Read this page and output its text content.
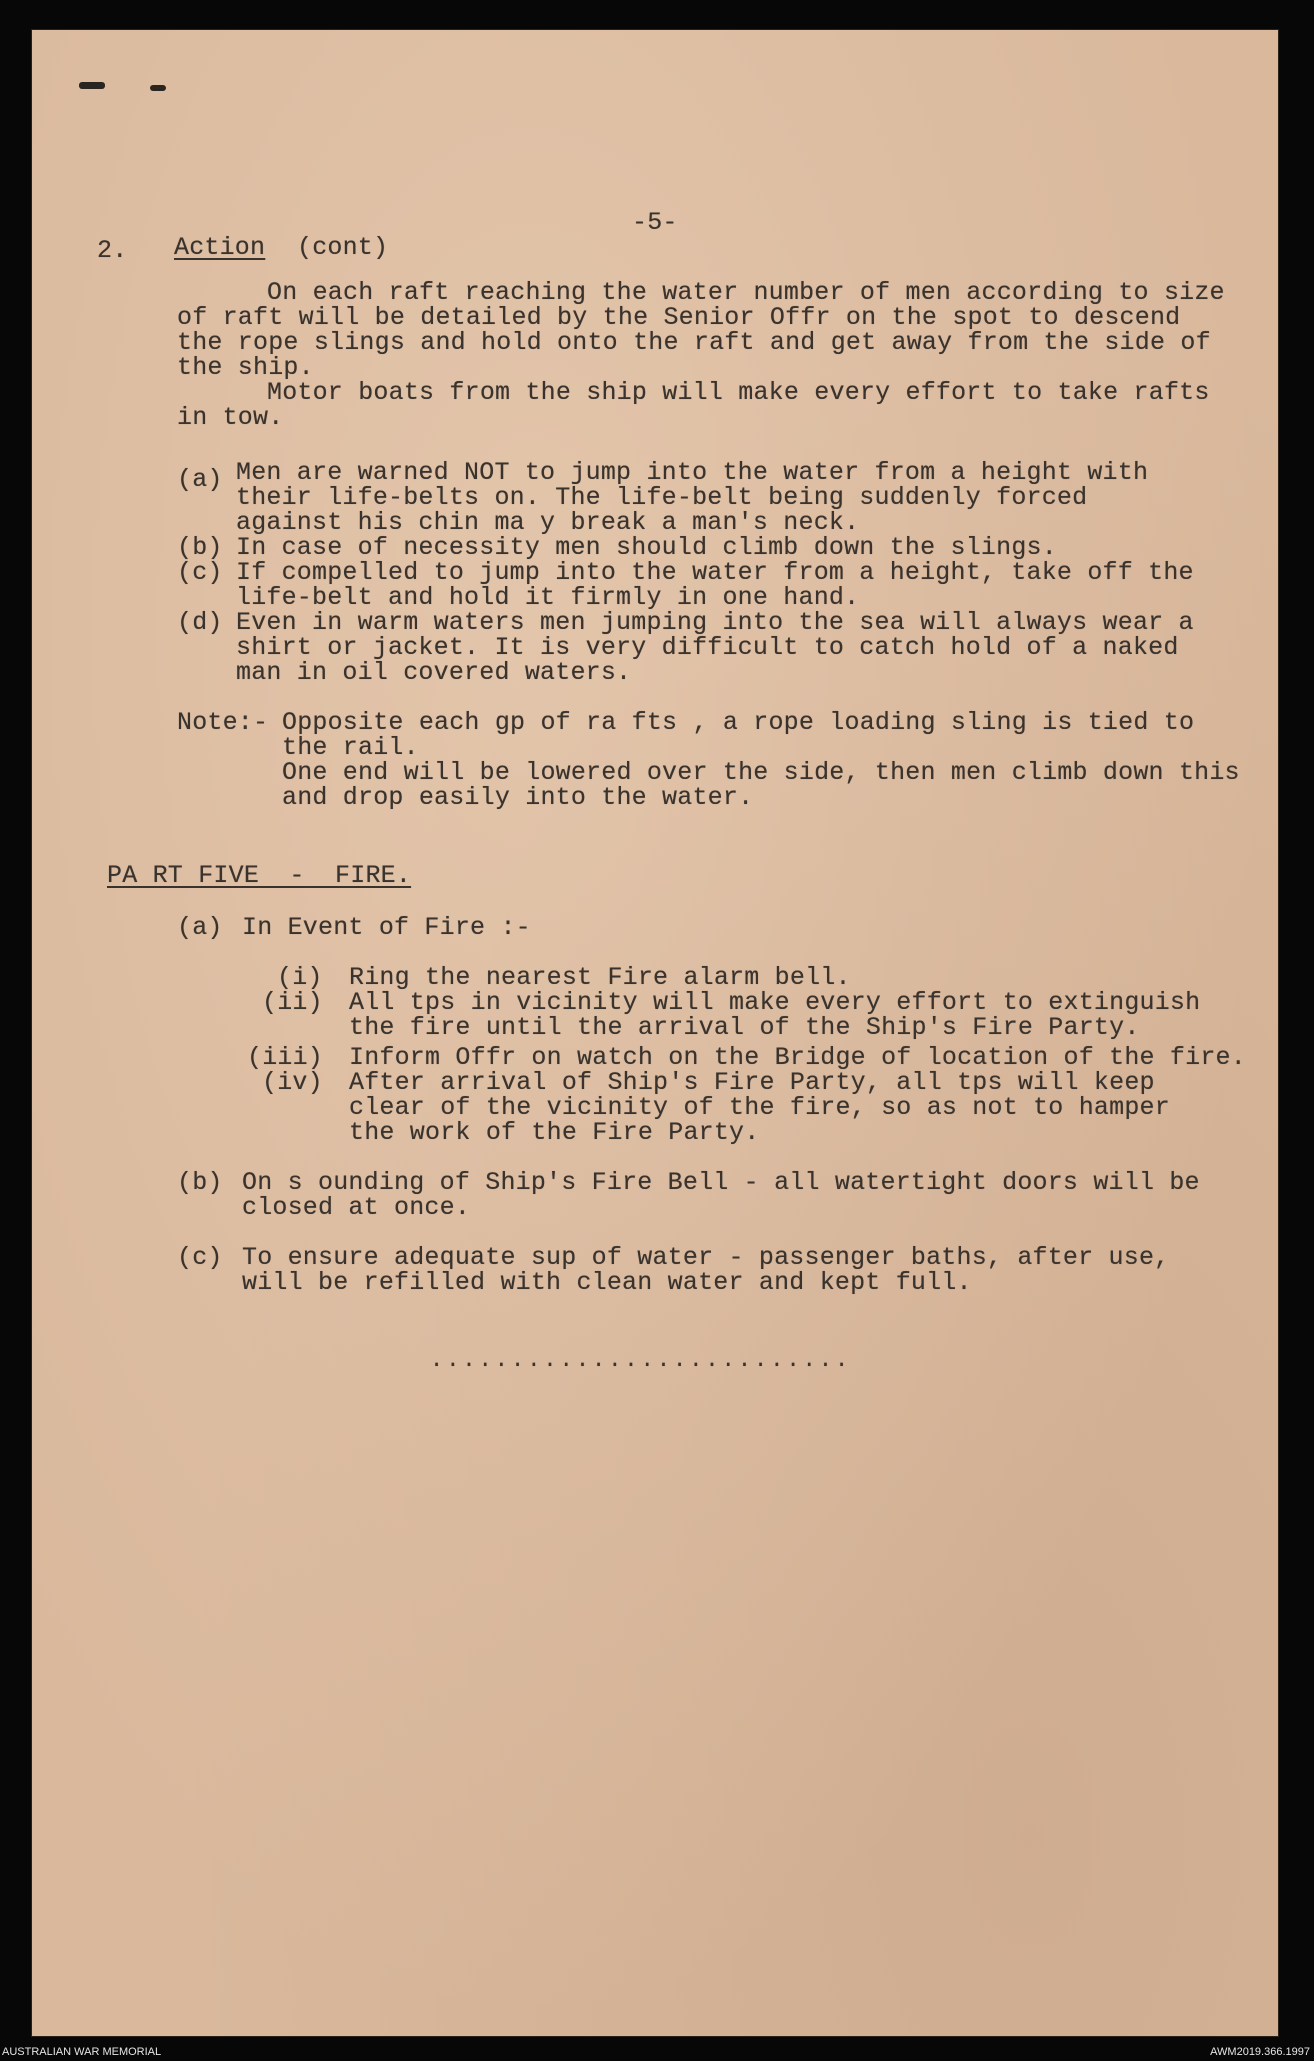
-5-
2. Action (cont)
On each raft reaching the water number of men according to size
of raft will be detailed by the Senior Offr on the spot to descend
the rope slings and hold onto the raft and get away from the side of
the ship.
Motor boats from the ship will make every effort to take rafts
in tow.
(a) Men are warned NOT to jump into the water from a height with
their life-belts on. The life-belt being suddenly forced
against his chin ma y break a man's neck.
(b) In case of necessity men should climb down the slings.
(c) If compelled to jump into the water from a height, take off the
life-belt and hold it firmly in one hand.
(d) Even in warm waters men jumping into the sea will always wear a
shirt or jacket. It is very difficult to catch hold of a naked
man in oil covered waters.
Note:- Opposite each gp of ra fts , a rope loading sling is tied to
the rail.
One end will be lowered over the side, then men climb down this
and drop easily into the water.
PA RT FIVE  -  FIRE.
(a) In Event of Fire :-
(i) Ring the nearest Fire alarm bell.
(ii) All tps in vicinity will make every effort to extinguish
the fire until the arrival of the Ship's Fire Party.
(iii) Inform Offr on watch on the Bridge of location of the fire.
(iv) After arrival of Ship's Fire Party, all tps will keep
clear of the vicinity of the fire, so as not to hamper
the work of the Fire Party.
(b) On s ounding of Ship's Fire Bell - all watertight doors will be
closed at once.
(c) To ensure adequate sup of water - passenger baths, after use,
will be refilled with clean water and kept full.
..........................
AUSTRALIAN WAR MEMORIAL	AWM2019.366.1997
